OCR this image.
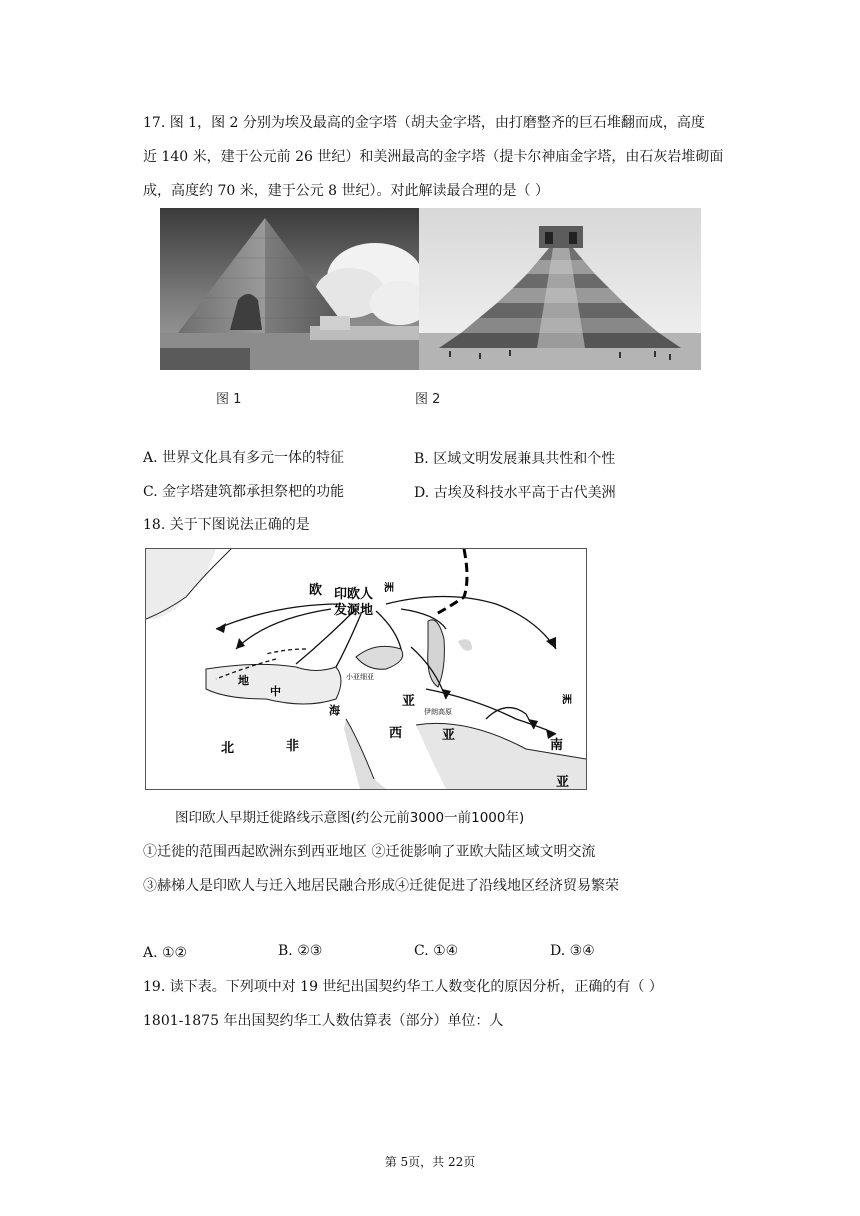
17. 图 1，图 2 分别为埃及最高的金字塔（胡夫金字塔，由打磨整齐的巨石堆翻而成，高度
近 140 米，建于公元前 26 世纪）和美洲最高的金字塔（提卡尔神庙金字塔，由石灰岩堆砌面
成，高度约 70 米，建于公元 8 世纪）。对此解读最合理的是（ ）
图 1	图 2
A. 世界文化具有多元一体的特征	B. 区域文明发展兼具共性和个性
C. 金字塔建筑都承担祭杷的功能	D. 古埃及科技水平高于古代美洲
18. 关于下图说法正确的是
欧	洲
印欧人
发源地
地
中
海
小亚细亚
亚
伊朗高原
洲
北	非
西	亚
南
亚
图印欧人早期迁徙路线示意图(约公元前3000一前1000年)
①迁徙的范围西起欧洲东到西亚地区 ②迁徙影响了亚欧大陆区域文明交流
③赫梯人是印欧人与迁入地居民融合形成④迁徙促进了沿线地区经济贸易繁荣
A. ①②	B. ②③	C. ①④	D. ③④
19. 读下表。下列项中对 19 世纪出国契约华工人数变化的原因分析，正确的有（ ）
1801-1875 年出国契约华工人数估算表（部分）单位：人
第 5页，共 22页
